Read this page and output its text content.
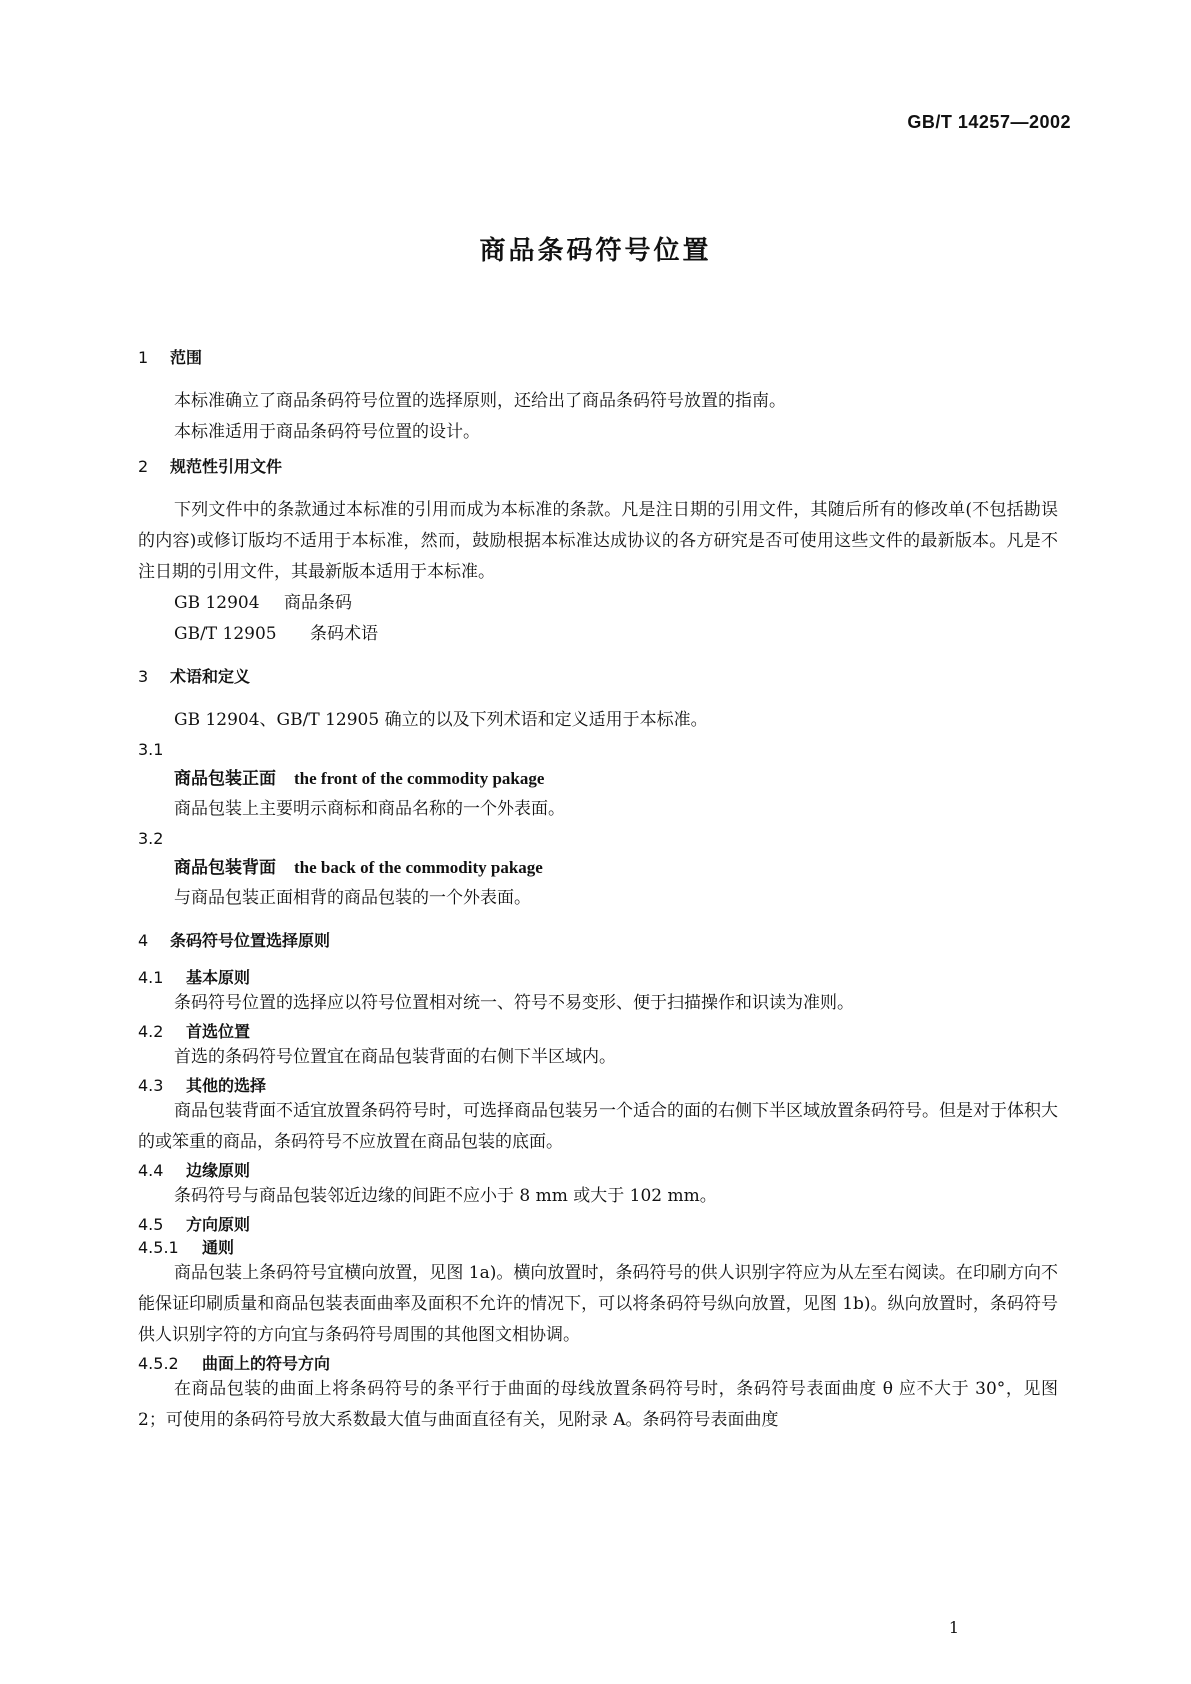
GB/T 14257—2002
商品条码符号位置

1 范围

本标准确立了商品条码符号位置的选择原则，还给出了商品条码符号放置的指南。

本标准适用于商品条码符号位置的设计。

2 规范性引用文件

下列文件中的条款通过本标准的引用而成为本标准的条款。凡是注日期的引用文件，其随后所有的修改单(不包括勘误的内容)或修订版均不适用于本标准，然而，鼓励根据本标准达成协议的各方研究是否可使用这些文件的最新版本。凡是不注日期的引用文件，其最新版本适用于本标准。

GB 12904 商品条码

GB/T 12905 条码术语

3 术语和定义

GB 12904、GB/T 12905 确立的以及下列术语和定义适用于本标准。

3.1

商品包装正面 the front of the commodity pakage

商品包装上主要明示商标和商品名称的一个外表面。

3.2

商品包装背面 the back of the commodity pakage

与商品包装正面相背的商品包装的一个外表面。

4 条码符号位置选择原则

4.1 基本原则

条码符号位置的选择应以符号位置相对统一、符号不易变形、便于扫描操作和识读为准则。

4.2 首选位置

首选的条码符号位置宜在商品包装背面的右侧下半区域内。

4.3 其他的选择

商品包装背面不适宜放置条码符号时，可选择商品包装另一个适合的面的右侧下半区域放置条码符号。但是对于体积大的或笨重的商品，条码符号不应放置在商品包装的底面。

4.4 边缘原则

条码符号与商品包装邻近边缘的间距不应小于 8 mm 或大于 102 mm。

4.5 方向原则

4.5.1 通则

商品包装上条码符号宜横向放置，见图 1a)。横向放置时，条码符号的供人识别字符应为从左至右阅读。在印刷方向不能保证印刷质量和商品包装表面曲率及面积不允许的情况下，可以将条码符号纵向放置，见图 1b)。纵向放置时，条码符号供人识别字符的方向宜与条码符号周围的其他图文相协调。

4.5.2 曲面上的符号方向

在商品包装的曲面上将条码符号的条平行于曲面的母线放置条码符号时，条码符号表面曲度 θ 应不大于 30°，见图 2；可使用的条码符号放大系数最大值与曲面直径有关，见附录 A。条码符号表面曲度

1
